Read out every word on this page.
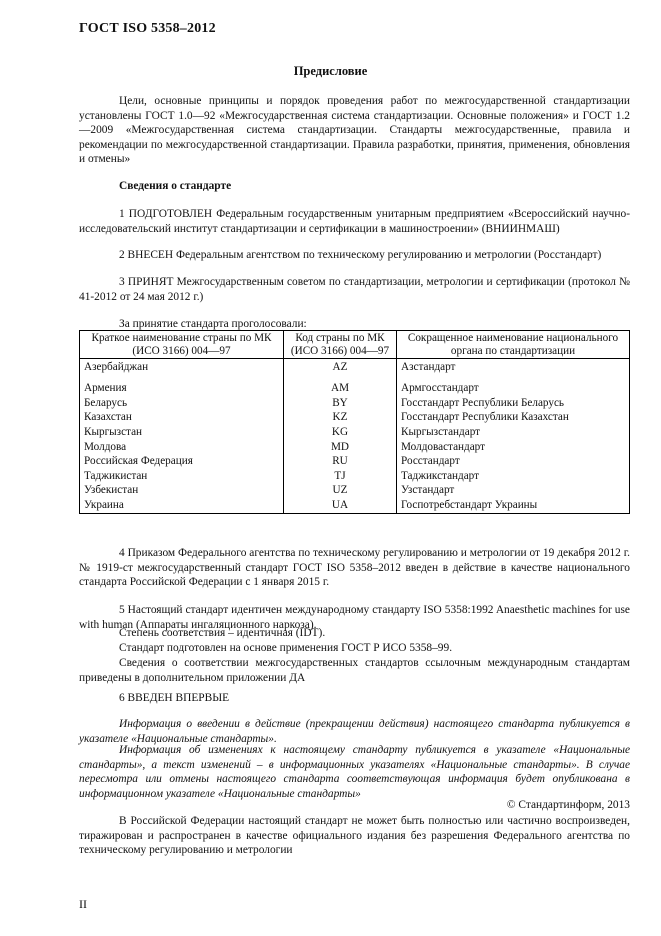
ГОСТ ISO 5358–2012
Предисловие

Цели, основные принципы и порядок проведения работ по межгосударственной стандартизации установлены ГОСТ 1.0—92 «Межгосударственная система стандартизации. Основные положения» и ГОСТ 1.2—2009 «Межгосударственная система стандартизации. Стандарты межгосударственные, правила и рекомендации по межгосударственной стандартизации. Правила разработки, принятия, применения, обновления и отмены»

Сведения о стандарте

1 ПОДГОТОВЛЕН Федеральным государственным унитарным предприятием «Всероссийский научно-исследовательский институт стандартизации и сертификации в машиностроении» (ВНИИНМАШ)

2 ВНЕСЕН Федеральным агентством по техническому регулированию и метрологии (Росстандарт)

3 ПРИНЯТ Межгосударственным советом по стандартизации, метрологии и сертификации (протокол № 41-2012 от 24 мая 2012 г.)

За принятие стандарта проголосовали:

Краткое наименование страны по МК (ИСО 3166) 004—97	Код страны по МК (ИСО 3166) 004—97	Сокращенное наименование национального органа по стандартизации
Азербайджан	AZ	Азстандарт
Армения	AM	Армгосстандарт
Беларусь	BY	Госстандарт Республики Беларусь
Казахстан	KZ	Госстандарт Республики Казахстан
Кыргызстан	KG	Кыргызстандарт
Молдова	MD	Молдовастандарт
Российская Федерация	RU	Росстандарт
Таджикистан	TJ	Таджикстандарт
Узбекистан	UZ	Узстандарт
Украина	UA	Госпотребстандарт Украины

4 Приказом Федерального агентства по техническому регулированию и метрологии от 19 декабря 2012 г. № 1919-ст межгосударственный стандарт ГОСТ ISO 5358–2012 введен в действие в качестве национального стандарта Российской Федерации с 1 января 2015 г.

5 Настоящий стандарт идентичен международному стандарту ISO 5358:1992 Anaesthetic machines for use with human (Аппараты ингаляционного наркоза).

Степень соответствия – идентичная (IDT).

Стандарт подготовлен на основе применения ГОСТ Р ИСО 5358–99.

Сведения о соответствии межгосударственных стандартов ссылочным международным стандартам приведены в дополнительном приложении ДА

6 ВВЕДЕН ВПЕРВЫЕ

Информация о введении в действие (прекращении действия) настоящего стандарта публикуется в указателе «Национальные стандарты».

Информация об изменениях к настоящему стандарту публикуется в указателе «Национальные стандарты», а текст изменений – в информационных указателях «Национальные стандарты». В случае пересмотра или отмены настоящего стандарта соответствующая информация будет опубликована в информационном указателе «Национальные стандарты»

© Стандартинформ, 2013

В Российской Федерации настоящий стандарт не может быть полностью или частично воспроизведен, тиражирован и распространен в качестве официального издания без разрешения Федерального агентства по техническому регулированию и метрологии

II
